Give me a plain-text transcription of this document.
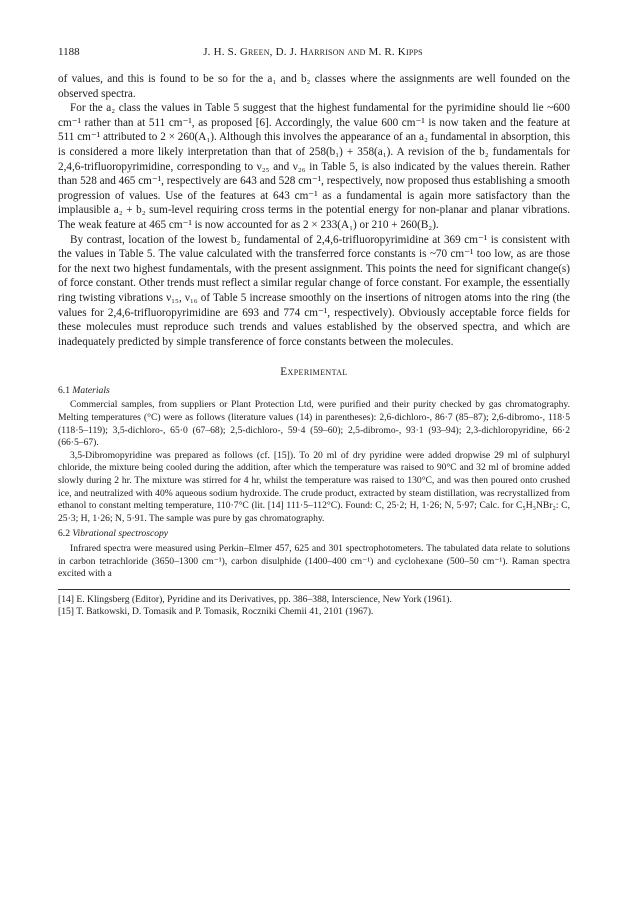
1188	J. H. S. Green, D. J. Harrison and M. R. Kipps

of values, and this is found to be so for the a₁ and b₂ classes where the assignments are well founded on the observed spectra.

For the a₂ class the values in Table 5 suggest that the highest fundamental for the pyrimidine should lie ~600 cm⁻¹ rather than at 511 cm⁻¹, as proposed [6]. Accordingly, the value 600 cm⁻¹ is now taken and the feature at 511 cm⁻¹ attributed to 2 × 260(A₁). Although this involves the appearance of an a₂ fundamental in absorption, this is considered a more likely interpretation than that of 258(b₁) + 358(a₁). A revision of the b₂ fundamentals for 2,4,6-trifluoropyrimidine, corresponding to ν₂₅ and ν₂₆ in Table 5, is also indicated by the values therein. Rather than 528 and 465 cm⁻¹, respectively are 643 and 528 cm⁻¹, respectively, now proposed thus establishing a smooth progression of values. Use of the features at 643 cm⁻¹ as a fundamental is again more satisfactory than the implausible a₂ + b₂ sum-level requiring cross terms in the potential energy for non-planar and planar vibrations. The weak feature at 465 cm⁻¹ is now accounted for as 2 × 233(A₁) or 210 + 260(B₂).

By contrast, location of the lowest b₂ fundamental of 2,4,6-trifluoropyrimidine at 369 cm⁻¹ is consistent with the values in Table 5. The value calculated with the transferred force constants is ~70 cm⁻¹ too low, as are those for the next two highest fundamentals, with the present assignment. This points the need for significant change(s) of force constant. Other trends must reflect a similar regular change of force constant. For example, the essentially ring twisting vibrations ν₁₅, ν₁₆ of Table 5 increase smoothly on the insertions of nitrogen atoms into the ring (the values for 2,4,6-trifluoropyrimidine are 693 and 774 cm⁻¹, respectively). Obviously acceptable force fields for these molecules must reproduce such trends and values established by the observed spectra, and which are inadequately predicted by simple transference of force constants between the molecules.

Experimental
6.1 Materials

Commercial samples, from suppliers or Plant Protection Ltd, were purified and their purity checked by gas chromatography. Melting temperatures (°C) were as follows (literature values (14) in parentheses): 2,6-dichloro-, 86·7 (85–87); 2,6-dibromo-, 118·5 (118·5–119); 3,5-dichloro-, 65·0 (67–68); 2,5-dichloro-, 59·4 (59–60); 2,5-dibromo-, 93·1 (93–94); 2,3-dichloropyridine, 66·2 (66·5–67).

3,5-Dibromopyridine was prepared as follows (cf. [15]). To 20 ml of dry pyridine were added dropwise 29 ml of sulphuryl chloride, the mixture being cooled during the addition, after which the temperature was raised to 90°C and 32 ml of bromine added slowly during 2 hr. The mixture was stirred for 4 hr, whilst the temperature was raised to 130°C, and was then poured onto crushed ice, and neutralized with 40% aqueous sodium hydroxide. The crude product, extracted by steam distillation, was recrystallized from ethanol to constant melting temperature, 110·7°C (lit. [14] 111·5–112°C). Found: C, 25·2; H, 1·26; N, 5·97; Calc. for C₅H₃NBr₂: C, 25·3; H, 1·26; N, 5·91. The sample was pure by gas chromatography.

6.2 Vibrational spectroscopy

Infrared spectra were measured using Perkin–Elmer 457, 625 and 301 spectrophotometers. The tabulated data relate to solutions in carbon tetrachloride (3650–1300 cm⁻¹), carbon disulphide (1400–400 cm⁻¹) and cyclohexane (500–50 cm⁻¹). Raman spectra excited with a

[14] E. Klingsberg (Editor), Pyridine and its Derivatives, pp. 386–388, Interscience, New York (1961).

[15] T. Batkowski, D. Tomasik and P. Tomasik, Roczniki Chemii 41, 2101 (1967).
